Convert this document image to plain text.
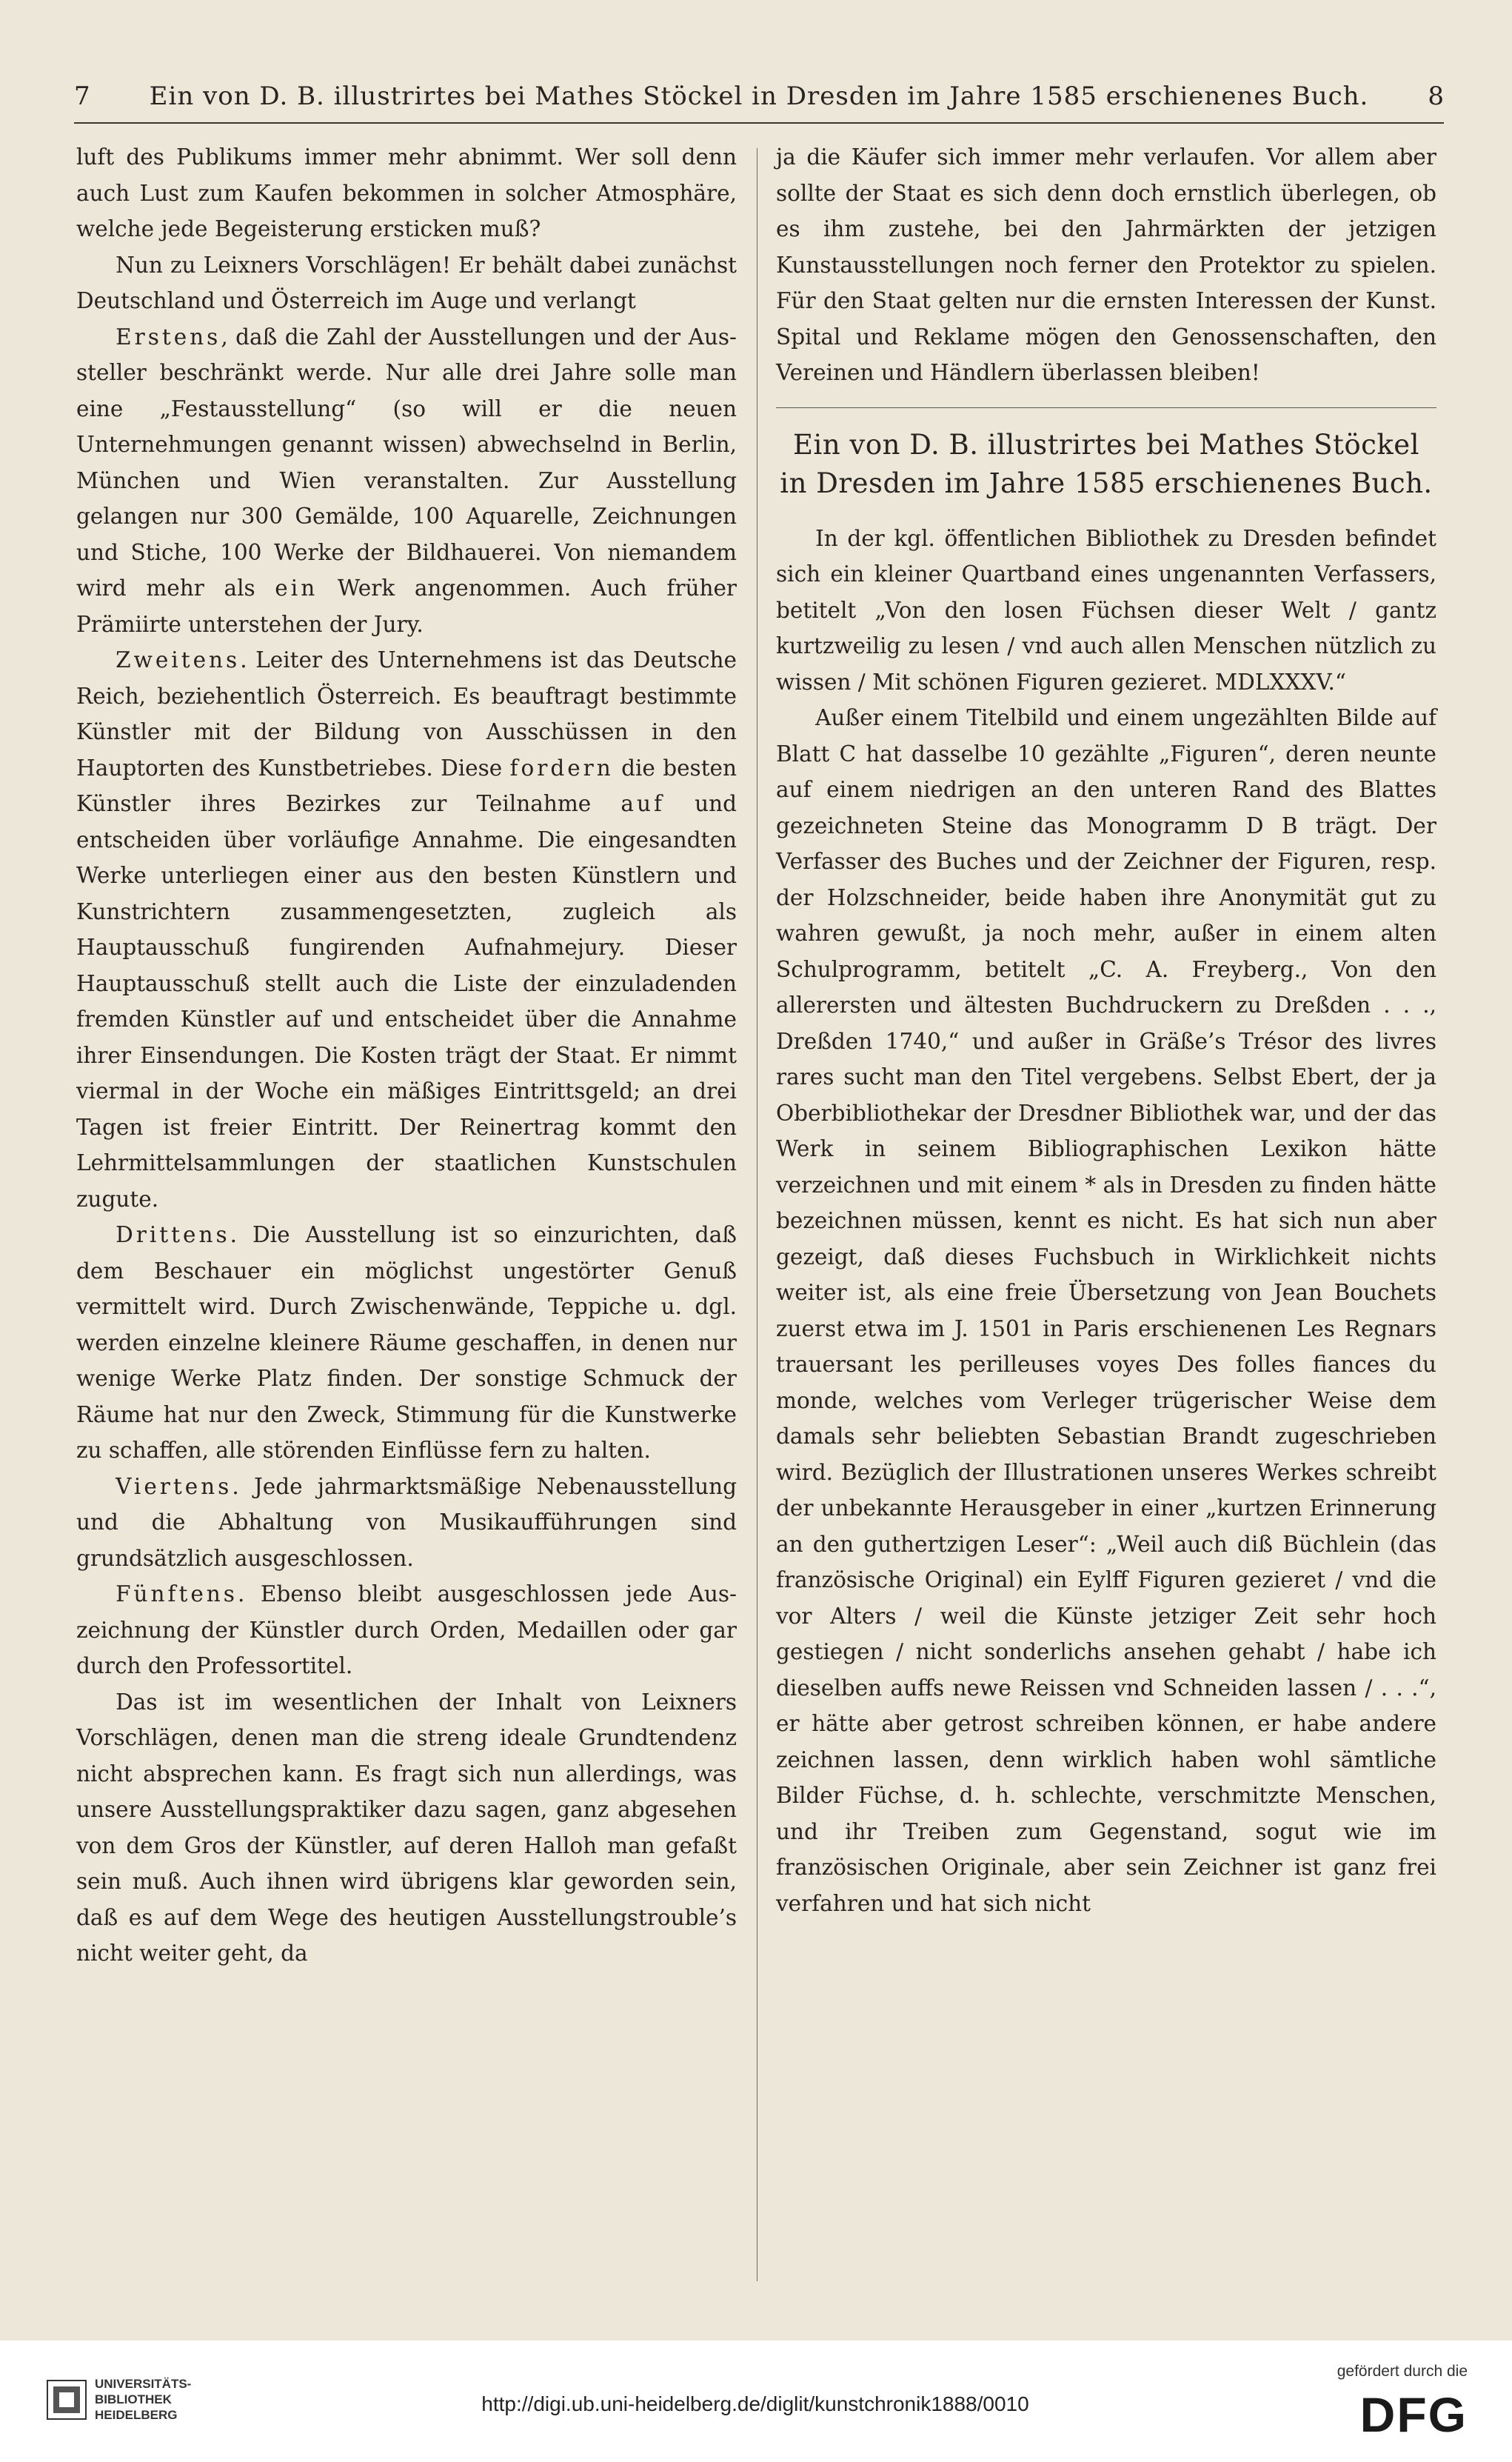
7	Ein von D. B. illustrirtes bei Mathes Stöckel in Dresden im Jahre 1585 erschienenes Buch.	8

luft des Publikums immer mehr abnimmt. Wer soll denn auch Lust zum Kaufen bekommen in solcher Atmosphäre, welche jede Begeisterung ersticken muß?

Nun zu Leixners Vorschlägen! Er behält dabei zunächst Deutschland und Österreich im Auge und verlangt

Erstens, daß die Zahl der Ausstellungen und der Aussteller beschränkt werde. Nur alle drei Jahre solle man eine „Festausstellung“ (so will er die neuen Unternehmungen genannt wissen) abwechselnd in Berlin, München und Wien veranstalten. Zur Ausstellung gelangen nur 300 Gemälde, 100 Aquarelle, Zeichnungen und Stiche, 100 Werke der Bildhauerei. Von niemandem wird mehr als ein Werk angenommen. Auch früher Prämiirte unterstehen der Jury.

Zweitens. Leiter des Unternehmens ist das Deutsche Reich, beziehentlich Österreich. Es beauftragt bestimmte Künstler mit der Bildung von Ausschüssen in den Hauptorten des Kunstbetriebes. Diese fordern die besten Künstler ihres Bezirkes zur Teilnahme auf und entscheiden über vorläufige Annahme. Die eingesandten Werke unterliegen einer aus den besten Künstlern und Kunstrichtern zusammengesetzten, zugleich als Hauptausschuß fungirenden Aufnahmejury. Dieser Hauptausschuß stellt auch die Liste der einzuladenden fremden Künstler auf und entscheidet über die Annahme ihrer Einsendungen. Die Kosten trägt der Staat. Er nimmt viermal in der Woche ein mäßiges Eintrittsgeld; an drei Tagen ist freier Eintritt. Der Reinertrag kommt den Lehrmittelsammlungen der staatlichen Kunstschulen zugute.

Drittens. Die Ausstellung ist so einzurichten, daß dem Beschauer ein möglichst ungestörter Genuß vermittelt wird. Durch Zwischenwände, Teppiche u. dgl. werden einzelne kleinere Räume geschaffen, in denen nur wenige Werke Platz finden. Der sonstige Schmuck der Räume hat nur den Zweck, Stimmung für die Kunstwerke zu schaffen, alle störenden Einflüsse fern zu halten.

Viertens. Jede jahrmarktsmäßige Nebenausstellung und die Abhaltung von Musikaufführungen sind grundsätzlich ausgeschlossen.

Fünftens. Ebenso bleibt ausgeschlossen jede Auszeichnung der Künstler durch Orden, Medaillen oder gar durch den Professortitel.

Das ist im wesentlichen der Inhalt von Leixners Vorschlägen, denen man die streng ideale Grundtendenz nicht absprechen kann. Es fragt sich nun allerdings, was unsere Ausstellungspraktiker dazu sagen, ganz abgesehen von dem Gros der Künstler, auf deren Halloh man gefaßt sein muß. Auch ihnen wird übrigens klar geworden sein, daß es auf dem Wege des heutigen Ausstellungstrouble’s nicht weiter geht, da

ja die Käufer sich immer mehr verlaufen. Vor allem aber sollte der Staat es sich denn doch ernstlich überlegen, ob es ihm zustehe, bei den Jahrmärkten der jetzigen Kunstausstellungen noch ferner den Protektor zu spielen. Für den Staat gelten nur die ernsten Interessen der Kunst. Spital und Reklame mögen den Genossenschaften, den Vereinen und Händlern überlassen bleiben!

Ein von D. B. illustrirtes bei Mathes Stöckel in Dresden im Jahre 1585 erschienenes Buch.

In der kgl. öffentlichen Bibliothek zu Dresden befindet sich ein kleiner Quartband eines ungenannten Verfassers, betitelt „Von den losen Füchsen dieser Welt / gantz kurtzweilig zu lesen / vnd auch allen Menschen nützlich zu wissen / Mit schönen Figuren gezieret. MDLXXXV.“

Außer einem Titelbild und einem ungezählten Bilde auf Blatt C hat dasselbe 10 gezählte „Figuren“, deren neunte auf einem niedrigen an den unteren Rand des Blattes gezeichneten Steine das Monogramm D B trägt. Der Verfasser des Buches und der Zeichner der Figuren, resp. der Holzschneider, beide haben ihre Anonymität gut zu wahren gewußt, ja noch mehr, außer in einem alten Schulprogramm, betitelt „C. A. Freyberg., Von den allerersten und ältesten Buchdruckern zu Dreßden . . ., Dreßden 1740,“ und außer in Gräße’s Trésor des livres rares sucht man den Titel vergebens. Selbst Ebert, der ja Oberbibliothekar der Dresdner Bibliothek war, und der das Werk in seinem Bibliographischen Lexikon hätte verzeichnen und mit einem * als in Dresden zu finden hätte bezeichnen müssen, kennt es nicht. Es hat sich nun aber gezeigt, daß dieses Fuchsbuch in Wirklichkeit nichts weiter ist, als eine freie Übersetzung von Jean Bouchets zuerst etwa im J. 1501 in Paris erschienenen Les Regnars trauersant les perilleuses voyes Des folles fiances du monde, welches vom Verleger trügerischer Weise dem damals sehr beliebten Sebastian Brandt zugeschrieben wird. Bezüglich der Illustrationen unseres Werkes schreibt der unbekannte Herausgeber in einer „kurtzen Erinnerung an den guthertzigen Leser“: „Weil auch diß Büchlein (das französische Original) ein Eylff Figuren gezieret / vnd die vor Alters / weil die Künste jetziger Zeit sehr hoch gestiegen / nicht sonderlichs ansehen gehabt / habe ich dieselben auffs newe Reissen vnd Schneiden lassen / . . .“, er hätte aber getrost schreiben können, er habe andere zeichnen lassen, denn wirklich haben wohl sämtliche Bilder Füchse, d. h. schlechte, verschmitzte Menschen, und ihr Treiben zum Gegenstand, sogut wie im französischen Originale, aber sein Zeichner ist ganz frei verfahren und hat sich nicht

UNIVERSITÄTS-
BIBLIOTHEK
HEIDELBERG	http://digi.ub.uni-heidelberg.de/diglit/kunstchronik1888/0010
gefördert durch die
DFG
